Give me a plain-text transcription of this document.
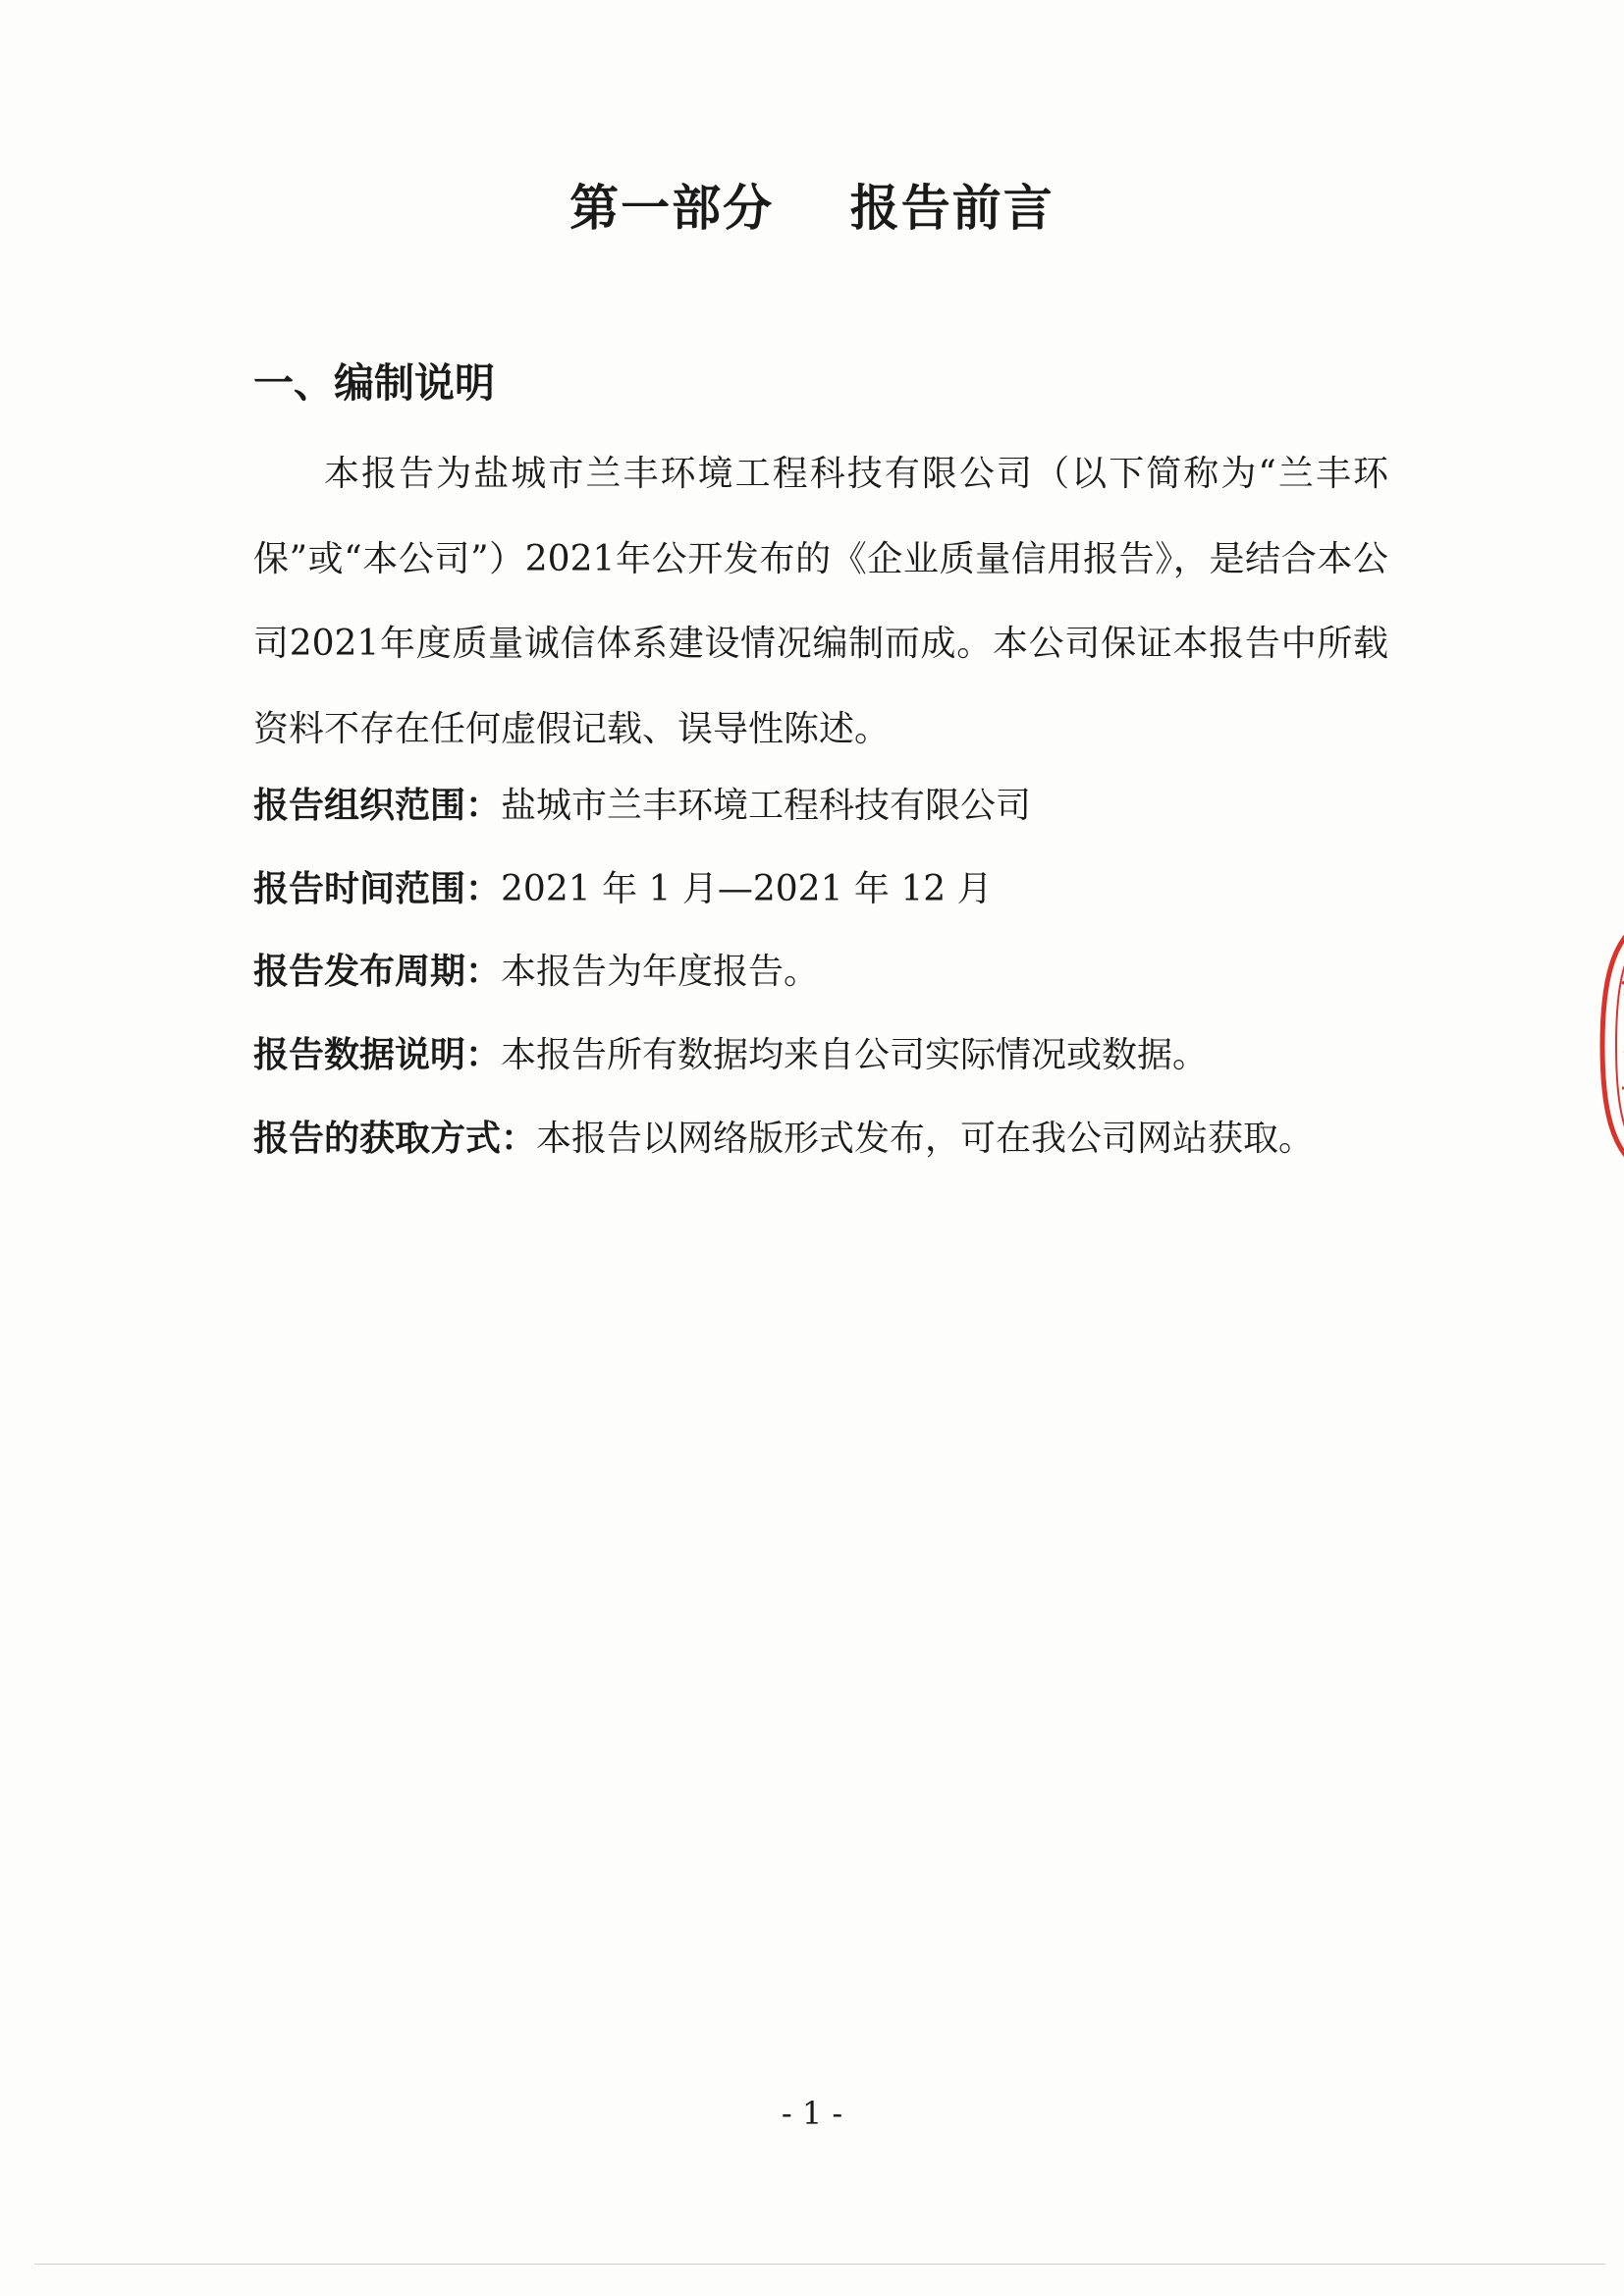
第一部分    报告前言
一、编制说明

本报告为盐城市兰丰环境工程科技有限公司（以下简称为“兰丰环保”或“本公司”）2021年公开发布的《企业质量信用报告》，是结合本公司2021年度质量诚信体系建设情况编制而成。本公司保证本报告中所载资料不存在任何虚假记载、误导性陈述。

报告组织范围：盐城市兰丰环境工程科技有限公司

报告时间范围：2021 年 1 月—2021 年 12 月

报告发布周期：本报告为年度报告。

报告数据说明：本报告所有数据均来自公司实际情况或数据。

报告的获取方式：本报告以网络版形式发布，可在我公司网站获取。

- 1 -
